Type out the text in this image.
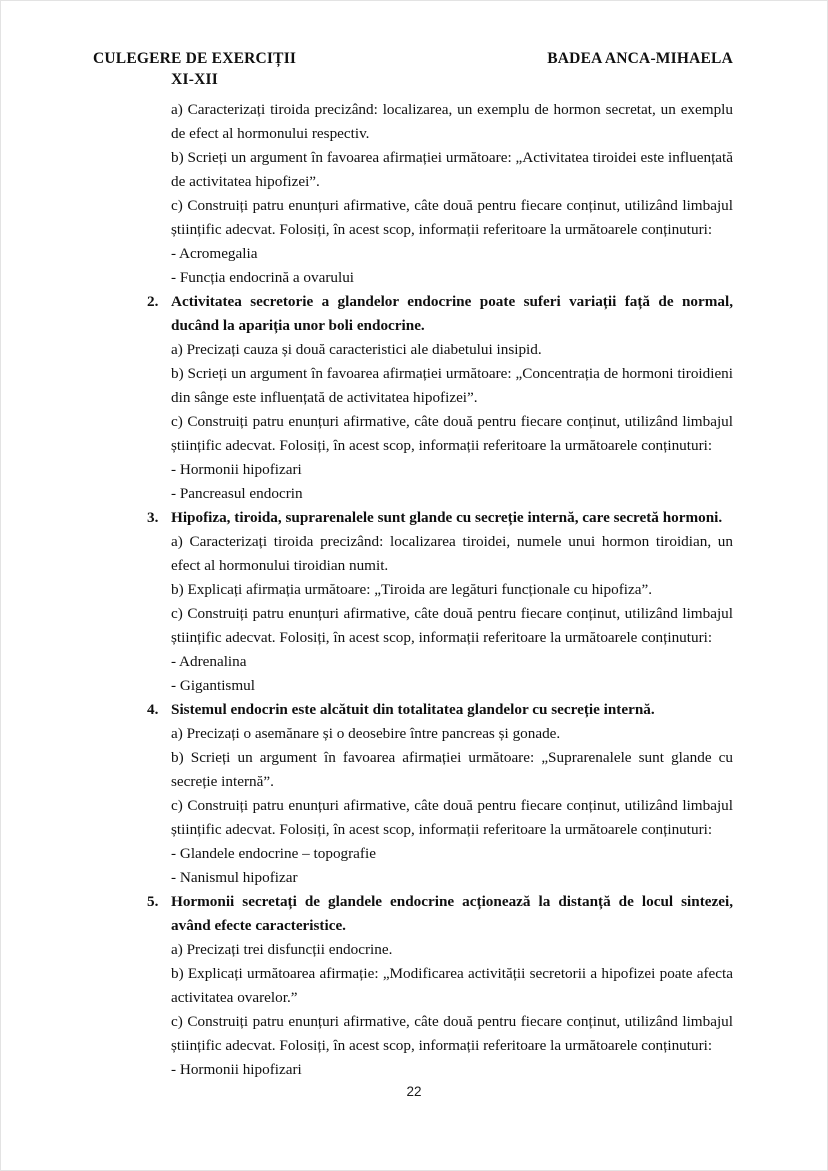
CULEGERE DE EXERCIȚII
XI-XII
BADEA ANCA-MIHAELA

a) Caracterizați tiroida precizând: localizarea, un exemplu de hormon secretat, un exemplu de efect al hormonului respectiv.

b) Scrieți un argument în favoarea afirmației următoare: „Activitatea tiroidei este influențată de activitatea hipofizei”.

c) Construiți patru enunțuri afirmative, câte două pentru fiecare conținut, utilizând limbajul științific adecvat. Folosiți, în acest scop, informații referitoare la următoarele conținuturi:

- Acromegalia

- Funcția endocrină a ovarului

2. Activitatea secretorie a glandelor endocrine poate suferi variații față de normal, ducând la apariția unor boli endocrine.

a) Precizați cauza și două caracteristici ale diabetului insipid.

b) Scrieți un argument în favoarea afirmației următoare: „Concentrația de hormoni tiroidieni din sânge este influențată de activitatea hipofizei”.

c) Construiți patru enunțuri afirmative, câte două pentru fiecare conținut, utilizând limbajul științific adecvat. Folosiți, în acest scop, informații referitoare la următoarele conținuturi:

- Hormonii hipofizari

- Pancreasul endocrin

3. Hipofiza, tiroida, suprarenalele sunt glande cu secreție internă, care secretă hormoni.

a) Caracterizați tiroida precizând: localizarea tiroidei, numele unui hormon tiroidian, un efect al hormonului tiroidian numit.

b) Explicați afirmația următoare: „Tiroida are legături funcționale cu hipofiza”.

c) Construiți patru enunțuri afirmative, câte două pentru fiecare conținut, utilizând limbajul științific adecvat. Folosiți, în acest scop, informații referitoare la următoarele conținuturi:

- Adrenalina

- Gigantismul

4. Sistemul endocrin este alcătuit din totalitatea glandelor cu secreție internă.

a) Precizați o asemănare și o deosebire între pancreas și gonade.

b) Scrieți un argument în favoarea afirmației următoare: „Suprarenalele sunt glande cu secreție internă”.

c) Construiți patru enunțuri afirmative, câte două pentru fiecare conținut, utilizând limbajul științific adecvat. Folosiți, în acest scop, informații referitoare la următoarele conținuturi:

- Glandele endocrine – topografie

- Nanismul hipofizar

5. Hormonii secretați de glandele endocrine acționează la distanță de locul sintezei, având efecte caracteristice.

a) Precizați trei disfuncții endocrine.

b) Explicați următoarea afirmație: „Modificarea activității secretorii a hipofizei poate afecta activitatea ovarelor.”

c) Construiți patru enunțuri afirmative, câte două pentru fiecare conținut, utilizând limbajul științific adecvat. Folosiți, în acest scop, informații referitoare la următoarele conținuturi:

- Hormonii hipofizari

22
